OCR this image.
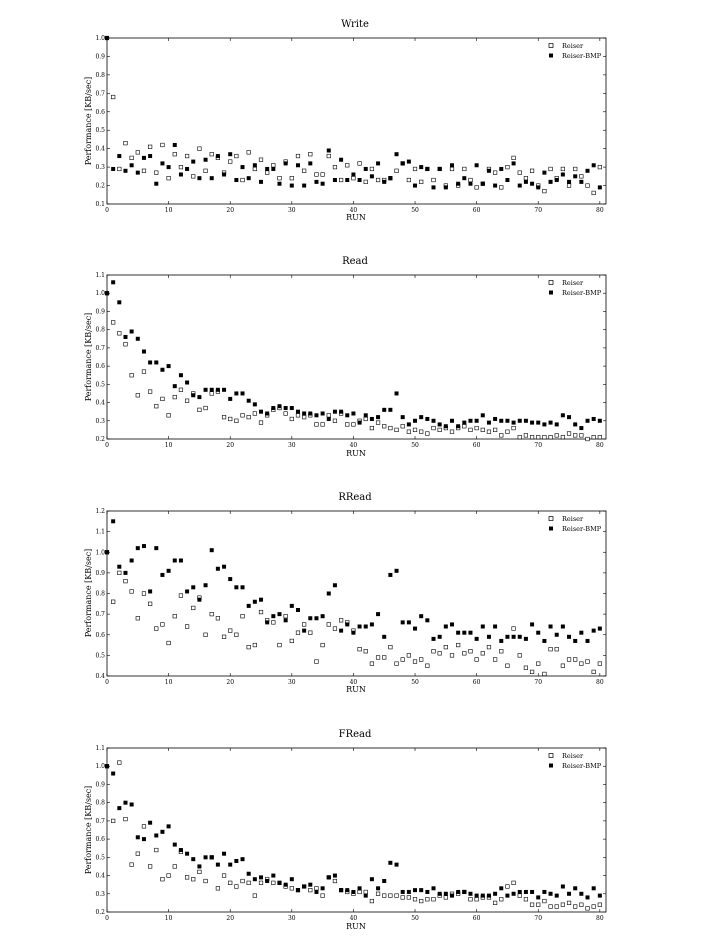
Write
0	10	20	30	40	50	60	70	80
0.1
0.2
0.3
0.4
0.5
0.6
0.7
0.8
0.9
1.0
RUN
Performance [KB/sec]
Reiser
Reiser-BMP
Read
0	10	20	30	40	50	60	70	80
0.2
0.3
0.4
0.5
0.6
0.7
0.8
0.9
1.0
1.1
RUN
Performance [KB/sec]
Reiser
Reiser-BMP
RRead
0	10	20	30	40	50	60	70	80
0.4
0.5
0.6
0.7
0.8
0.9
1.0
1.1
1.2
RUN
Performance [KB/sec]
Reiser
Reiser-BMP
FRead
0	10	20	30	40	50	60	70	80
0.2
0.3
0.4
0.5
0.6
0.7
0.8
0.9
1.0
1.1
RUN
Performance [KB/sec]
Reiser
Reiser-BMP
